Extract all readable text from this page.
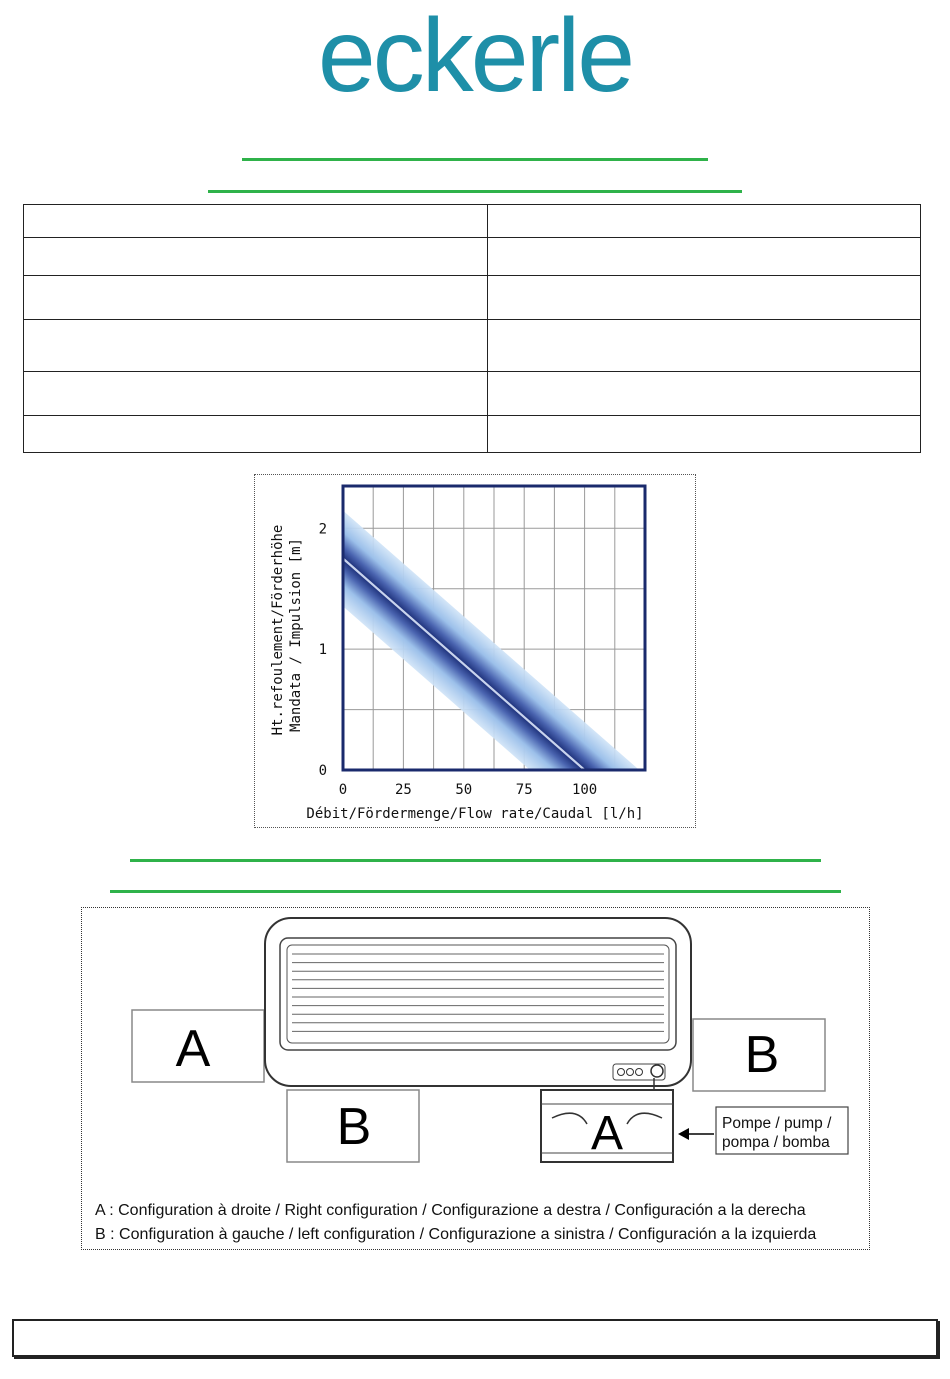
eckerle

0	25	50	75	100
0
1
2
Débit/Fördermenge/Flow rate/Caudal [l/h]
Ht.refoulement/Förderhöhe Mandata / Impulsion [m]
A	B
B	A	Pompe / pump /
pompa / bomba
A : Configuration à droite / Right configuration / Configurazione a destra / Configuración a la derecha
B : Configuration à gauche / left configuration / Configurazione a sinistra / Configuración a la izquierda
